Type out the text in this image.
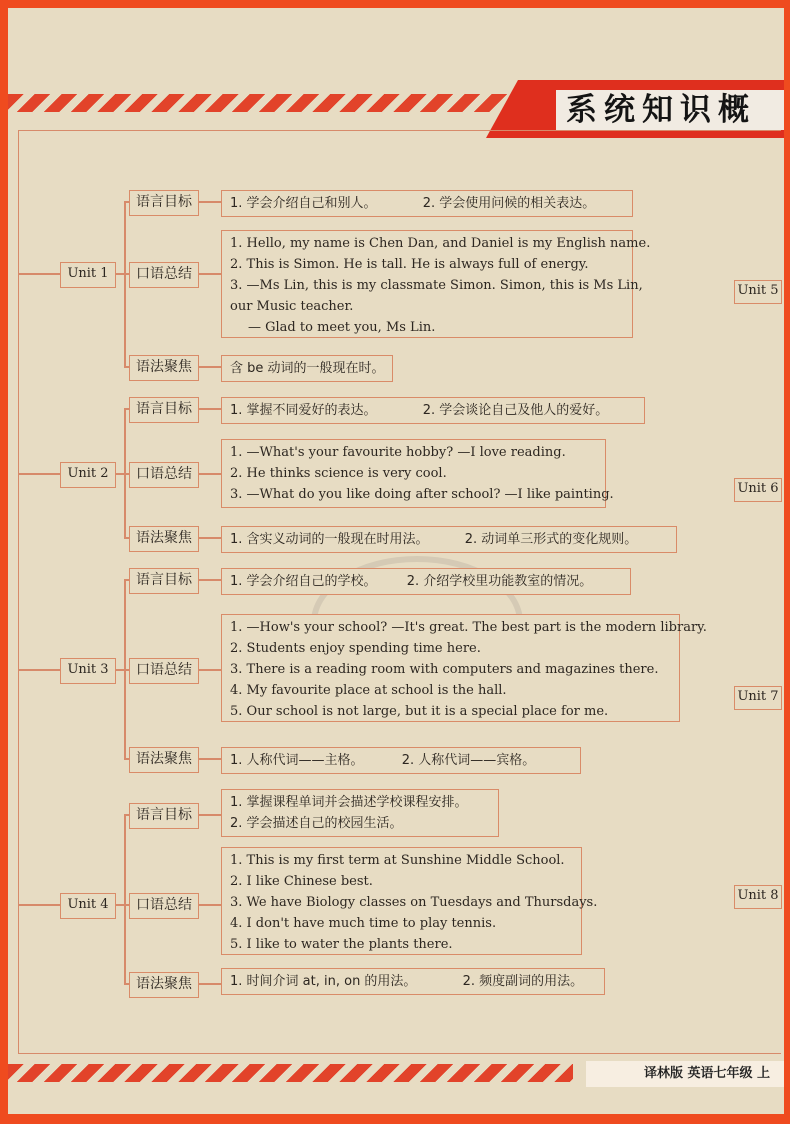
系统知识概
Unit 1
语言目标
口语总结
语法聚焦
1. 学会介绍自己和别人。	2. 学会使用问候的相关表达。
1. Hello, my name is Chen Dan, and Daniel is my English name.
2. This is Simon. He is tall. He is always full of energy.
3. —Ms Lin, this is my classmate Simon. Simon, this is Ms Lin,
our Music teacher.
— Glad to meet you, Ms Lin.
含 be 动词的一般现在时。
Unit 2
语言目标
口语总结
语法聚焦
1. 掌握不同爱好的表达。	2. 学会谈论自己及他人的爱好。
1. —What's your favourite hobby? —I love reading.
2. He thinks science is very cool.
3. —What do you like doing after school? —I like painting.
1. 含实义动词的一般现在时用法。	2. 动词单三形式的变化规则。
Unit 3
语言目标
口语总结
语法聚焦
1. 学会介绍自己的学校。 2. 介绍学校里功能教室的情况。
1. —How's your school? —It's great. The best part is the modern library.
2. Students enjoy spending time here.
3. There is a reading room with computers and magazines there.
4. My favourite place at school is the hall.
5. Our school is not large, but it is a special place for me.
1. 人称代词——主格。	2. 人称代词——宾格。
Unit 4
语言目标
口语总结
语法聚焦
1. 掌握课程单词并会描述学校课程安排。
2. 学会描述自己的校园生活。
1. This is my first term at Sunshine Middle School.
2. I like Chinese best.
3. We have Biology classes on Tuesdays and Thursdays.
4. I don't have much time to play tennis.
5. I like to water the plants there.
1. 时间介词 at, in, on 的用法。	2. 频度副词的用法。
Unit 5
Unit 6
Unit 7
Unit 8
译林版 英语七年级 上
